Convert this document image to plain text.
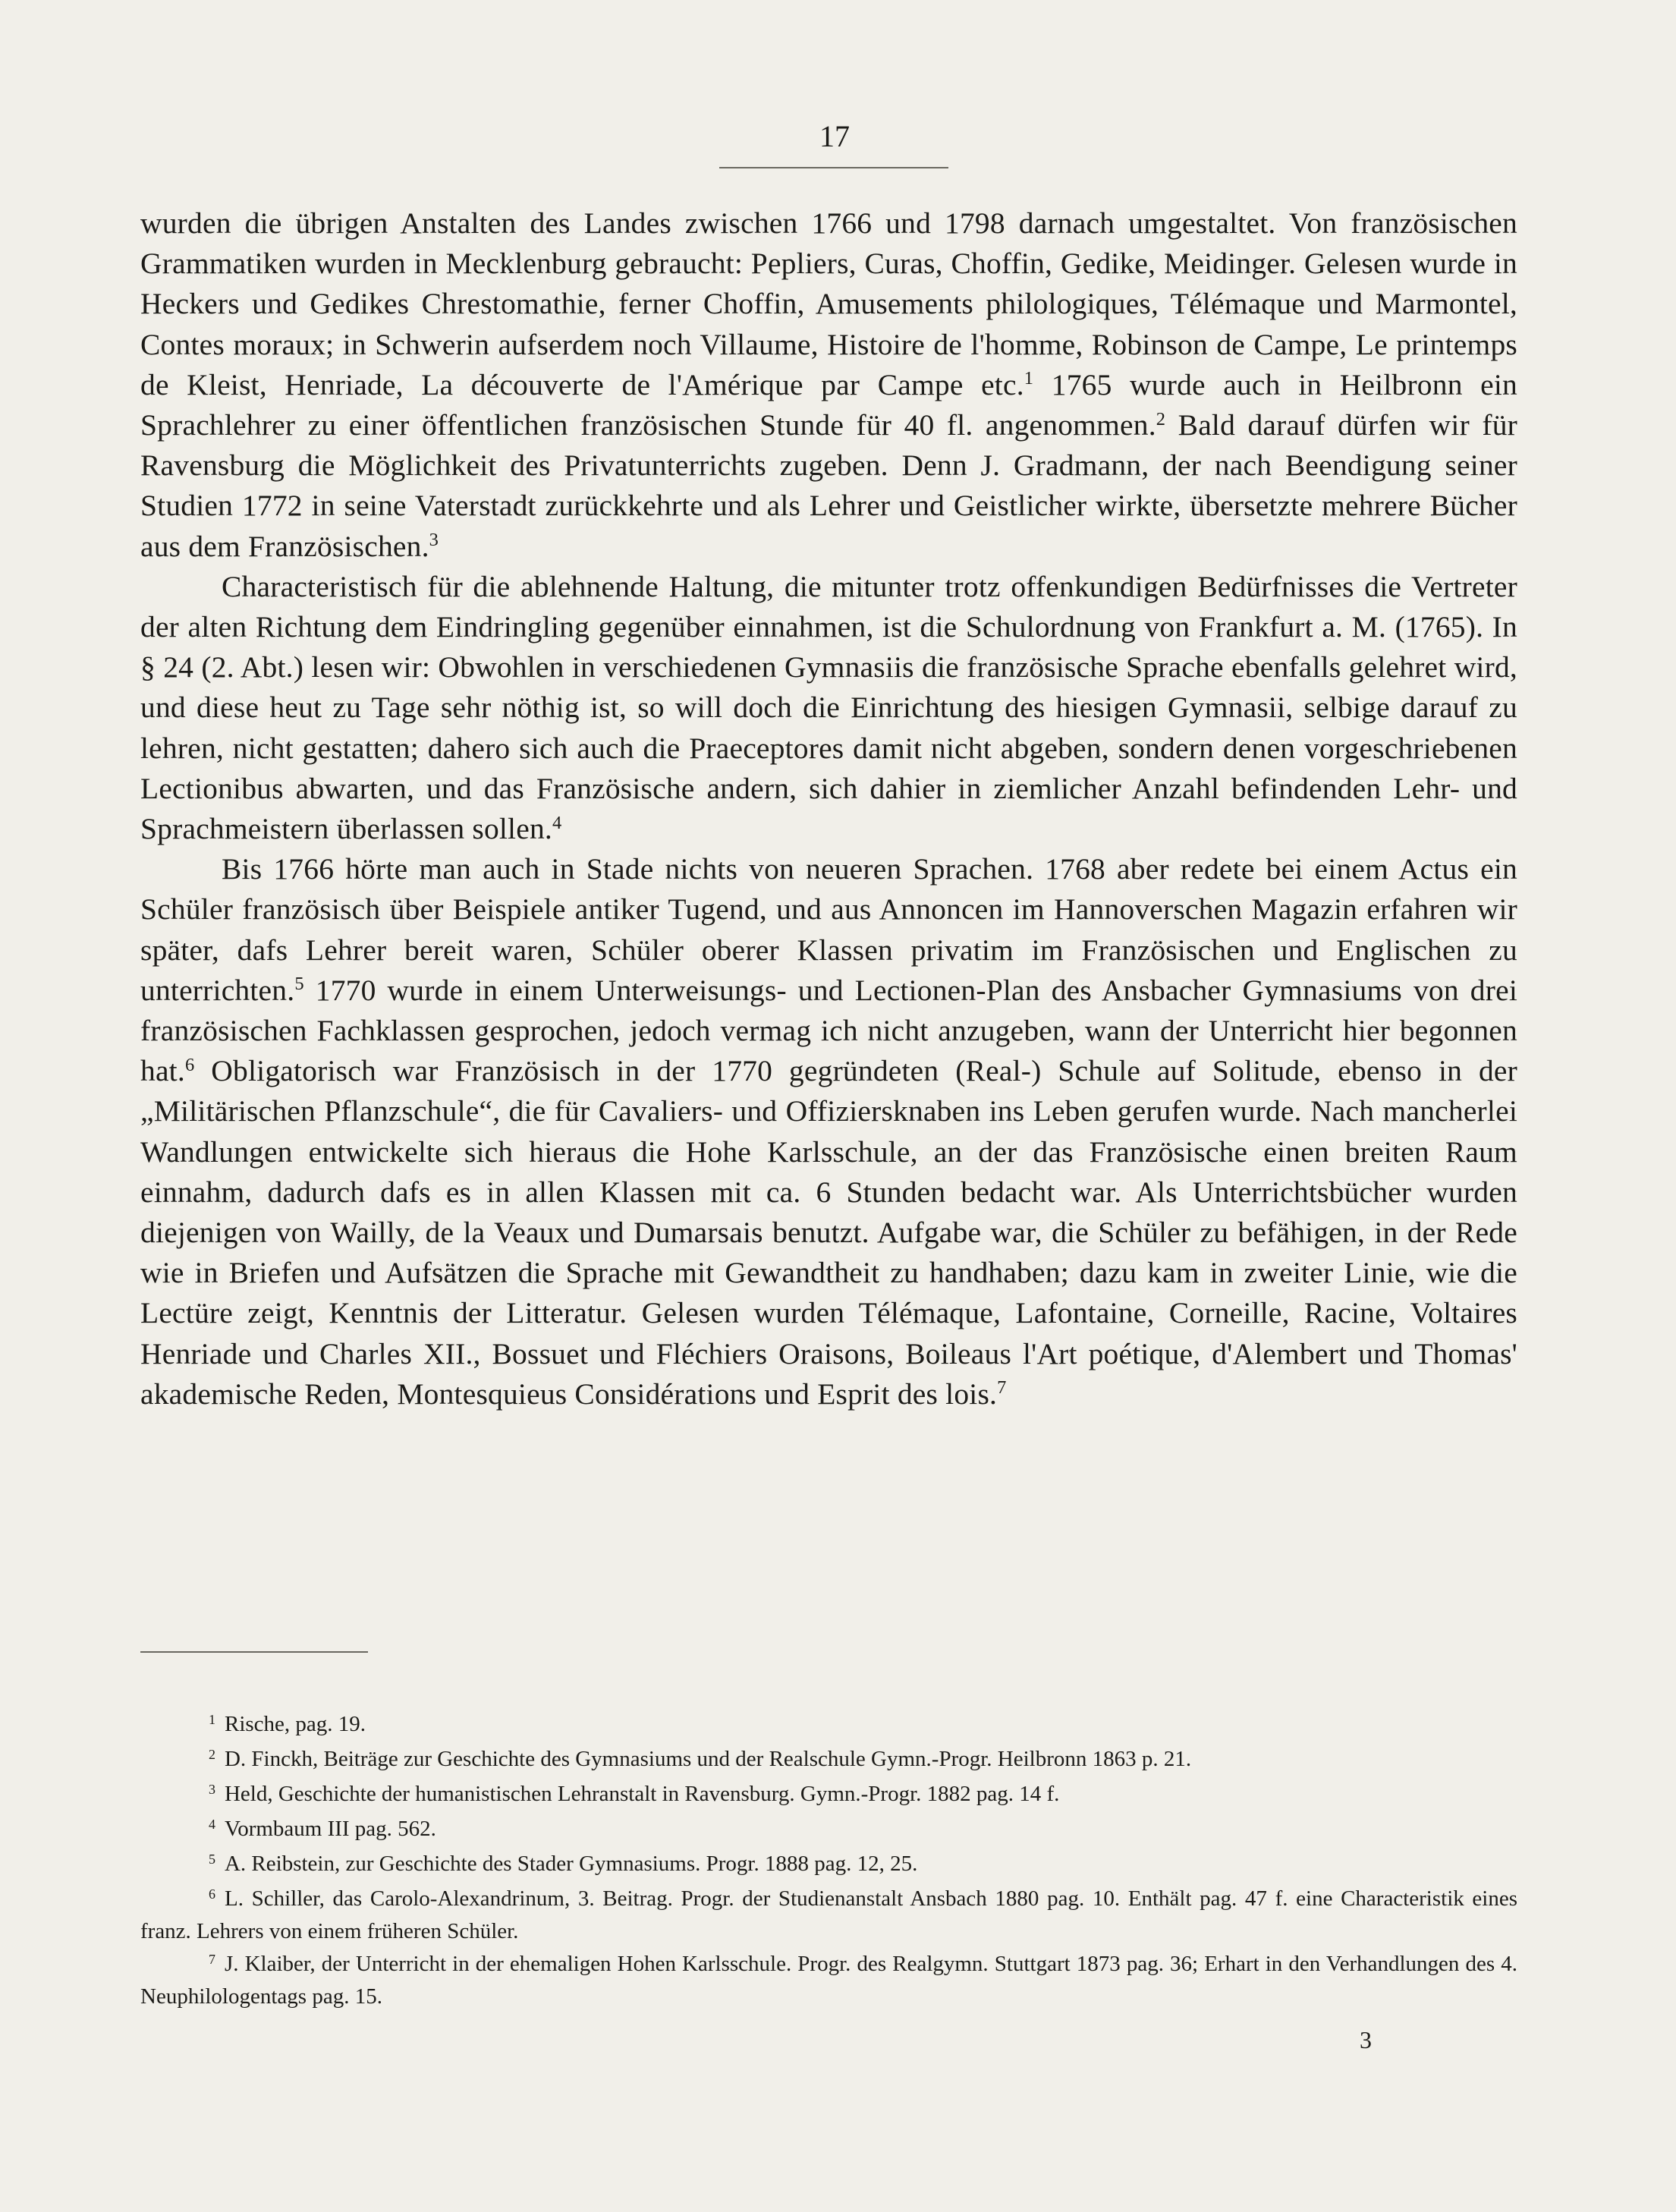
17

wurden die übrigen Anstalten des Landes zwischen 1766 und 1798 darnach umgestaltet. Von französischen Grammatiken wurden in Mecklenburg gebraucht: Pepliers, Curas, Choffin, Gedike, Meidinger. Gelesen wurde in Heckers und Gedikes Chrestomathie, ferner Choffin, Amusements philologiques, Télémaque und Marmontel, Contes moraux; in Schwerin aufserdem noch Villaume, Histoire de l'homme, Robinson de Campe, Le printemps de Kleist, Henriade, La découverte de l'Amérique par Campe etc.$^1$ 1765 wurde auch in Heilbronn ein Sprachlehrer zu einer öffentlichen französischen Stunde für 40 fl. angenommen.$^2$ Bald darauf dürfen wir für Ravensburg die Möglichkeit des Privatunterrichts zugeben. Denn J. Gradmann, der nach Beendigung seiner Studien 1772 in seine Vaterstadt zurückkehrte und als Lehrer und Geistlicher wirkte, übersetzte mehrere Bücher aus dem Französischen.$^3$

Characteristisch für die ablehnende Haltung, die mitunter trotz offenkundigen Bedürfnisses die Vertreter der alten Richtung dem Eindringling gegenüber einnahmen, ist die Schulordnung von Frankfurt a. M. (1765). In § 24 (2. Abt.) lesen wir: Obwohlen in verschiedenen Gymnasiis die französische Sprache ebenfalls gelehret wird, und diese heut zu Tage sehr nöthig ist, so will doch die Einrichtung des hiesigen Gymnasii, selbige darauf zu lehren, nicht gestatten; dahero sich auch die Praeceptores damit nicht abgeben, sondern denen vorgeschriebenen Lectionibus abwarten, und das Französische andern, sich dahier in ziemlicher Anzahl befindenden Lehr- und Sprachmeistern überlassen sollen.$^4$

Bis 1766 hörte man auch in Stade nichts von neueren Sprachen. 1768 aber redete bei einem Actus ein Schüler französisch über Beispiele antiker Tugend, und aus Annoncen im Hannoverschen Magazin erfahren wir später, dafs Lehrer bereit waren, Schüler oberer Klassen privatim im Französischen und Englischen zu unterrichten.$^5$ 1770 wurde in einem Unterweisungs- und Lectionen-Plan des Ansbacher Gymnasiums von drei französischen Fachklassen gesprochen, jedoch vermag ich nicht anzugeben, wann der Unterricht hier begonnen hat.$^6$ Obligatorisch war Französisch in der 1770 gegründeten (Real-) Schule auf Solitude, ebenso in der „Militärischen Pflanzschule“, die für Cavaliers- und Offiziersknaben ins Leben gerufen wurde. Nach mancherlei Wandlungen entwickelte sich hieraus die Hohe Karlsschule, an der das Französische einen breiten Raum einnahm, dadurch dafs es in allen Klassen mit ca. 6 Stunden bedacht war. Als Unterrichtsbücher wurden diejenigen von Wailly, de la Veaux und Dumarsais benutzt. Aufgabe war, die Schüler zu befähigen, in der Rede wie in Briefen und Aufsätzen die Sprache mit Gewandtheit zu handhaben; dazu kam in zweiter Linie, wie die Lectüre zeigt, Kenntnis der Litteratur. Gelesen wurden Télémaque, Lafontaine, Corneille, Racine, Voltaires Henriade und Charles XII., Bossuet und Fléchiers Oraisons, Boileaus l'Art poétique, d'Alembert und Thomas' akademische Reden, Montesquieus Considérations und Esprit des lois.$^7$

$^1$ Rische, pag. 19.

$^2$ D. Finckh, Beiträge zur Geschichte des Gymnasiums und der Realschule Gymn.-Progr. Heilbronn 1863 p. 21.

$^3$ Held, Geschichte der humanistischen Lehranstalt in Ravensburg. Gymn.-Progr. 1882 pag. 14 f.

$^4$ Vormbaum III pag. 562.

$^5$ A. Reibstein, zur Geschichte des Stader Gymnasiums. Progr. 1888 pag. 12, 25.

$^6$ L. Schiller, das Carolo-Alexandrinum, 3. Beitrag. Progr. der Studienanstalt Ansbach 1880 pag. 10. Enthält pag. 47 f. eine Characteristik eines franz. Lehrers von einem früheren Schüler.

$^7$ J. Klaiber, der Unterricht in der ehemaligen Hohen Karlsschule. Progr. des Realgymn. Stuttgart 1873 pag. 36; Erhart in den Verhandlungen des 4. Neuphilologentags pag. 15.

3
